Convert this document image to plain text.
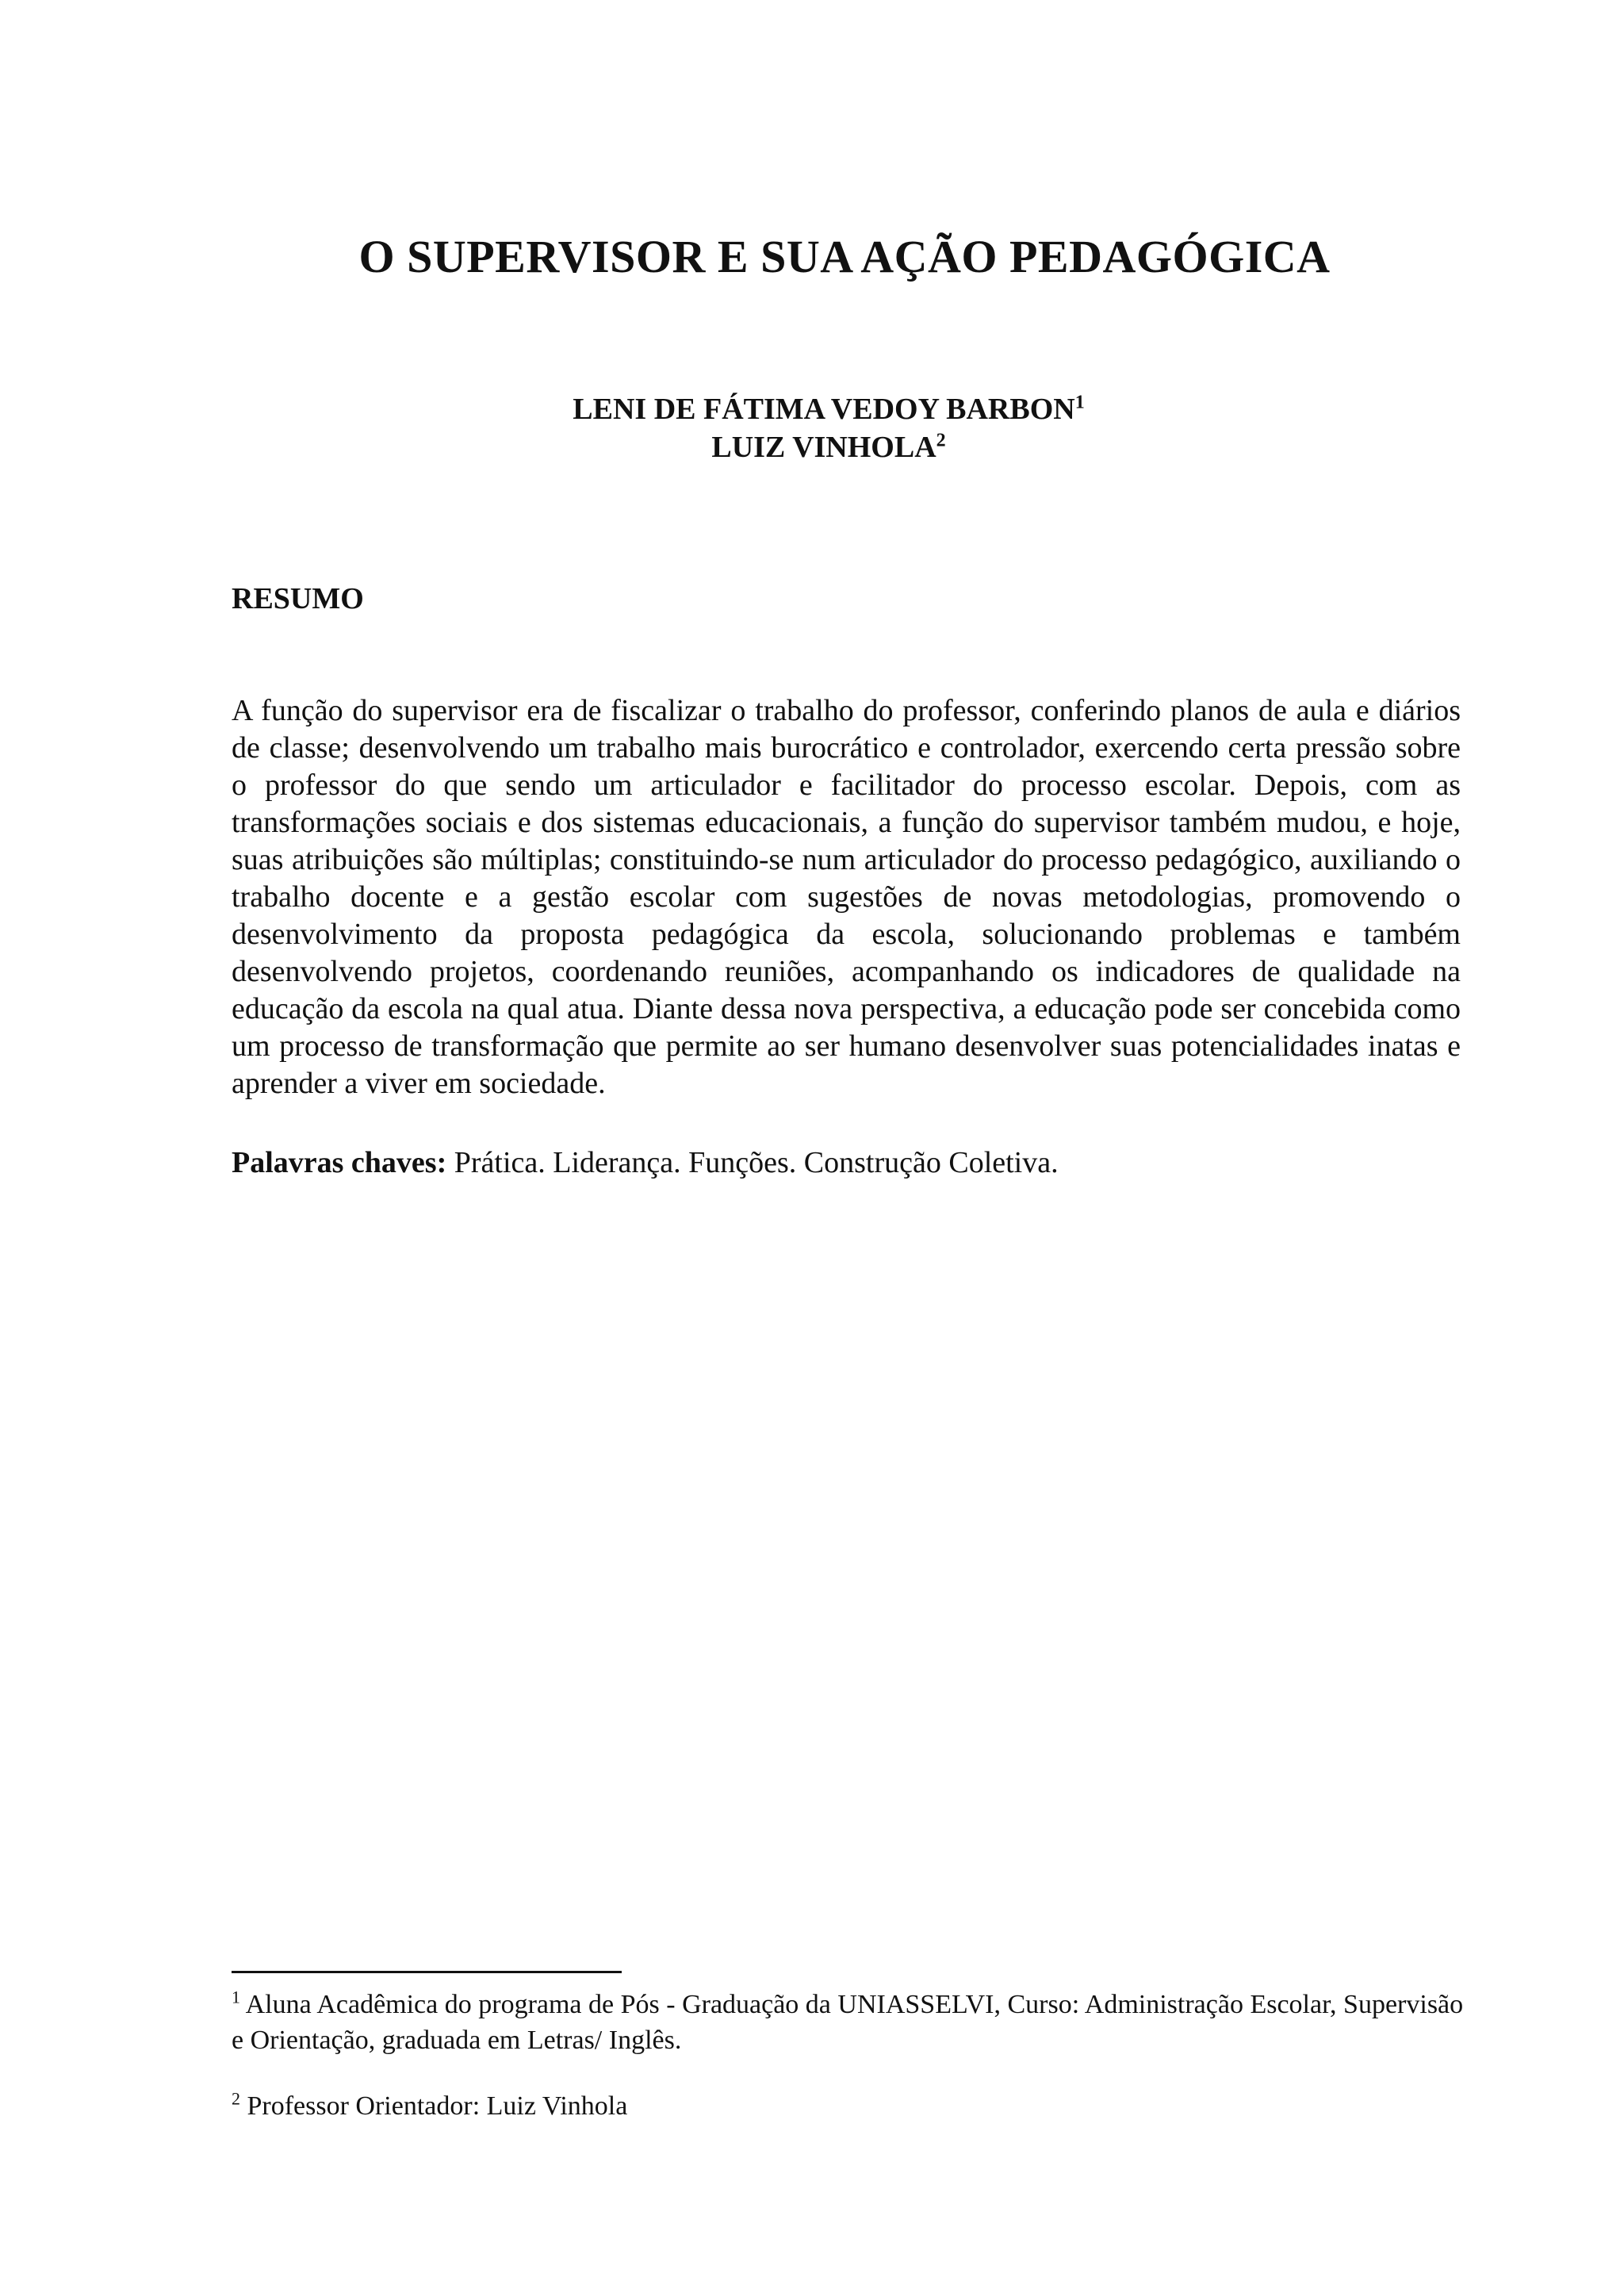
O SUPERVISOR E SUA AÇÃO PEDAGÓGICA
LENI DE FÁTIMA VEDOY BARBON$^1$
LUIZ VINHOLA$^2$
RESUMO

A função do supervisor era de fiscalizar o trabalho do professor, conferindo planos de aula e diários de classe; desenvolvendo um trabalho mais burocrático e controlador, exercendo certa pressão sobre o professor do que sendo um articulador e facilitador do processo escolar. Depois, com as transformações sociais e dos sistemas educacionais, a função do supervisor também mudou, e hoje, suas atribuições são múltiplas; constituindo-se num articulador do processo pedagógico, auxiliando o trabalho docente e a gestão escolar com sugestões de novas metodologias, promovendo o desenvolvimento da proposta pedagógica da escola, solucionando problemas e também desenvolvendo projetos, coordenando reuniões, acompanhando os indicadores de qualidade na educação da escola na qual atua. Diante dessa nova perspectiva, a educação pode ser concebida como um processo de transformação que permite ao ser humano desenvolver suas potencialidades inatas e aprender a viver em sociedade.

Palavras chaves: Prática. Liderança. Funções. Construção Coletiva.

$^1$ Aluna Acadêmica do programa de Pós - Graduação da UNIASSELVI, Curso: Administração Escolar, Supervisão e Orientação, graduada em Letras/ Inglês.

$^2$ Professor Orientador: Luiz Vinhola
